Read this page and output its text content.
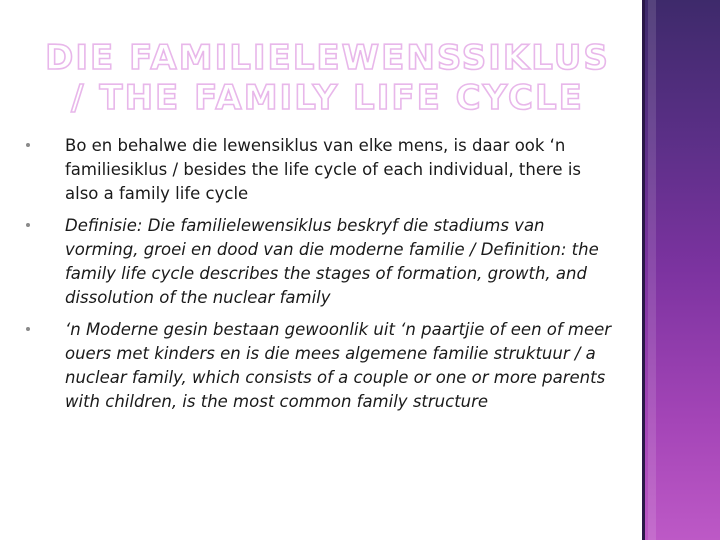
DIE FAMILIELEWENSSIKLUS / THE FAMILY LIFE CYCLE
Bo en behalwe die lewensiklus van elke mens, is daar ook ‘n familiesiklus / besides the life cycle of each individual, there is also a family life cycle
Definisie: Die familielewensiklus beskryf die stadiums van vorming, groei en dood van die moderne familie / Definition: the family life cycle describes the stages of formation, growth, and dissolution of the nuclear family
‘n Moderne gesin bestaan gewoonlik uit ‘n paartjie of een of meer ouers met kinders en is die mees algemene familie struktuur / a nuclear family, which consists of a couple or one or more parents with children, is the most common family structure
